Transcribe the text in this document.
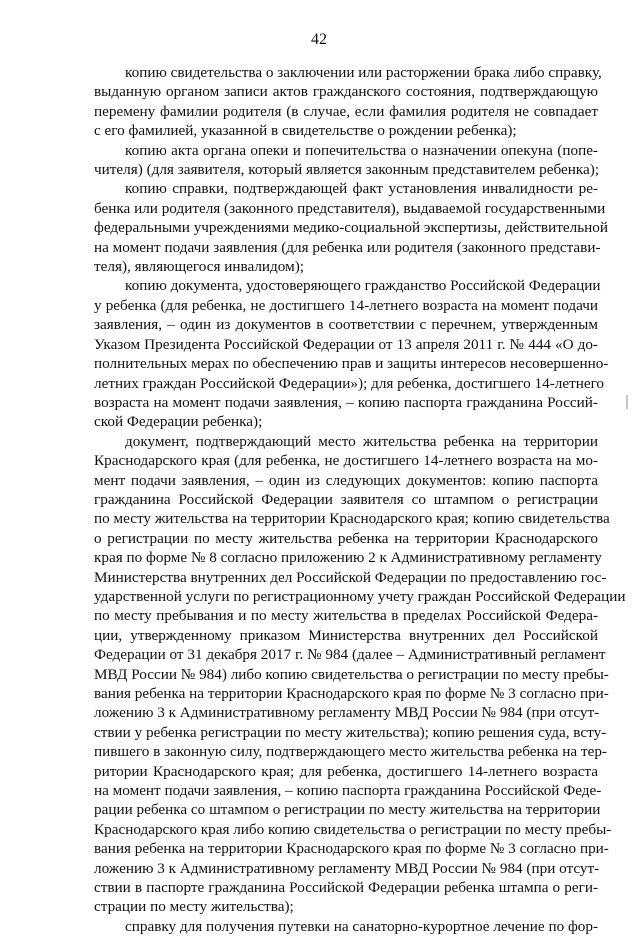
42

копию свидетельства о заключении или расторжении брака либо справку,
выданную органом записи актов гражданского состояния, подтверждающую
перемену фамилии родителя (в случае, если фамилия родителя не совпадает
с его фамилией, указанной в свидетельстве о рождении ребенка);

копию акта органа опеки и попечительства о назначении опекуна (попе-
чителя) (для заявителя, который является законным представителем ребенка);

копию справки, подтверждающей факт установления инвалидности ре-
бенка или родителя (законного представителя), выдаваемой государственными
федеральными учреждениями медико-социальной экспертизы, действительной
на момент подачи заявления (для ребенка или родителя (законного представи-
теля), являющегося инвалидом);

копию документа, удостоверяющего гражданство Российской Федерации
у ребенка (для ребенка, не достигшего 14-летнего возраста на момент подачи
заявления, – один из документов в соответствии с перечнем, утвержденным
Указом Президента Российской Федерации от 13 апреля 2011 г. № 444 «О до-
полнительных мерах по обеспечению прав и защиты интересов несовершенно-
летних граждан Российской Федерации»); для ребенка, достигшего 14-летнего
возраста на момент подачи заявления, – копию паспорта гражданина Россий-
ской Федерации ребенка);

документ, подтверждающий место жительства ребенка на территории
Краснодарского края (для ребенка, не достигшего 14-летнего возраста на мо-
мент подачи заявления, – один из следующих документов: копию паспорта
гражданина Российской Федерации заявителя со штампом о регистрации
по месту жительства на территории Краснодарского края; копию свидетельства
о регистрации по месту жительства ребенка на территории Краснодарского
края по форме № 8 согласно приложению 2 к Административному регламенту
Министерства внутренних дел Российской Федерации по предоставлению гос-
ударственной услуги по регистрационному учету граждан Российской Федерации
по месту пребывания и по месту жительства в пределах Российской Федера-
ции, утвержденному приказом Министерства внутренних дел Российской
Федерации от 31 декабря 2017 г. № 984 (далее – Административный регламент
МВД России № 984) либо копию свидетельства о регистрации по месту пребы-
вания ребенка на территории Краснодарского края по форме № 3 согласно при-
ложению 3 к Административному регламенту МВД России № 984 (при отсут-
ствии у ребенка регистрации по месту жительства); копию решения суда, всту-
пившего в законную силу, подтверждающего место жительства ребенка на тер-
ритории Краснодарского края; для ребенка, достигшего 14-летнего возраста
на момент подачи заявления, – копию паспорта гражданина Российской Феде-
рации ребенка со штампом о регистрации по месту жительства на территории
Краснодарского края либо копию свидетельства о регистрации по месту пребы-
вания ребенка на территории Краснодарского края по форме № 3 согласно при-
ложению 3 к Административному регламенту МВД России № 984 (при отсут-
ствии в паспорте гражданина Российской Федерации ребенка штампа о реги-
страции по месту жительства);

справку для получения путевки на санаторно-курортное лечение по фор-
